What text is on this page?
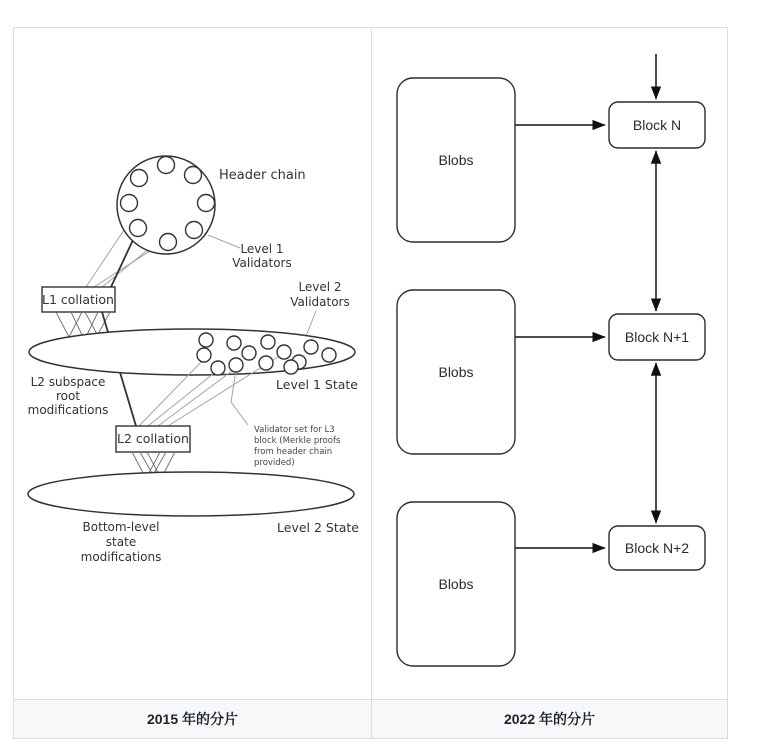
Header chain
Level 1
Validators
Level 2
Validators
L1 collation
L2 subspace
root
modifications
Level 1 State
L2 collation
Validator set for L3
block (Merkle proofs
from header chain
provided)
Bottom-level
state
modifications
Level 2 State
Blobs
Blobs
Blobs
Block N
Block N+1
Block N+2
2015 年的分片	2022 年的分片
